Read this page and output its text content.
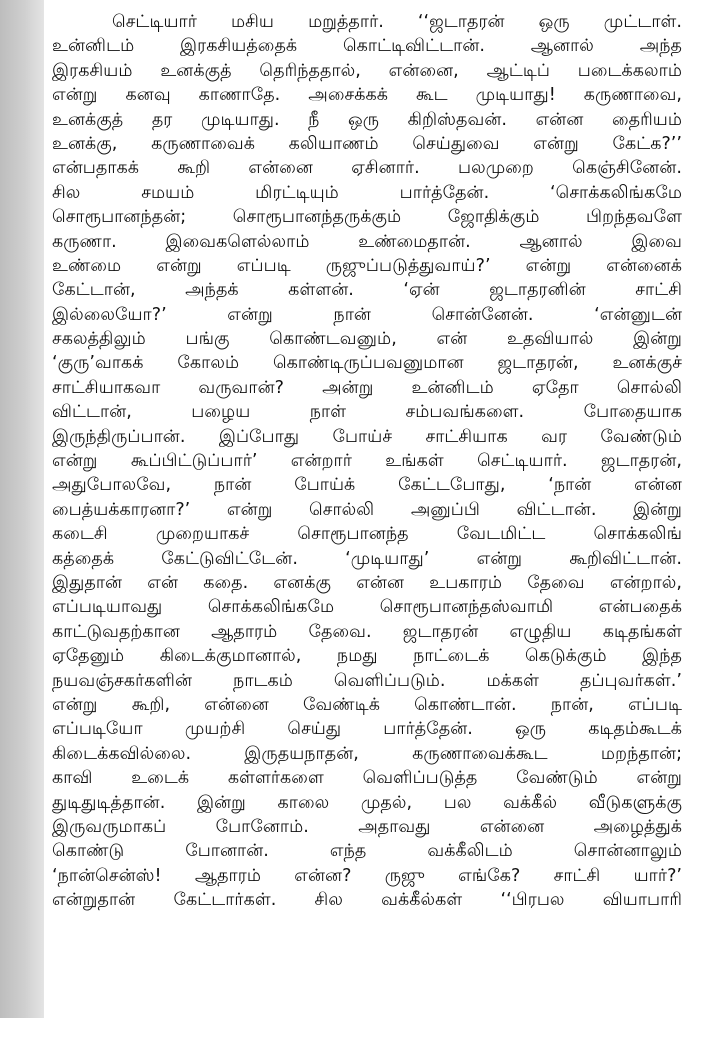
செட்டியார் மசிய மறுத்தார். ‘‘ஜடாதரன் ஒரு முட்டாள்.
உன்னிடம் இரகசியத்தைக் கொட்டிவிட்டான். ஆனால் அந்த
இரகசியம் உனக்குத் தெரிந்ததால், என்னை, ஆட்டிப் படைக்கலாம்
என்று கனவு காணாதே. அசைக்கக் கூட முடியாது! கருணாவை,
உனக்குத் தர முடியாது. நீ ஒரு கிறிஸ்தவன். என்ன தைரியம்
உனக்கு, கருணாவைக் கலியாணம் செய்துவை என்று கேட்க?’’
என்பதாகக் கூறி என்னை ஏசினார். பலமுறை கெஞ்சினேன்.
சில சமயம் மிரட்டியும் பார்த்தேன். ‘சொக்கலிங்கமே
சொரூபானந்தன்; சொரூபானந்தருக்கும் ஜோதிக்கும் பிறந்தவளே
கருணா. இவைகளெல்லாம் உண்மைதான். ஆனால் இவை
உண்மை என்று எப்படி ருஜுப்படுத்துவாய்?’ என்று என்னைக்
கேட்டான், அந்தக் கள்ளன். ‘ஏன் ஜடாதரனின் சாட்சி
இல்லையோ?’ என்று நான் சொன்னேன். ‘என்னுடன்
சகலத்திலும் பங்கு கொண்டவனும், என் உதவியால் இன்று
‘குரு’வாகக் கோலம் கொண்டிருப்பவனுமான ஜடாதரன், உனக்குச்
சாட்சியாகவா வருவான்? அன்று உன்னிடம் ஏதோ சொல்லி
விட்டான், பழைய நாள் சம்பவங்களை. போதையாக
இருந்திருப்பான். இப்போது போய்ச் சாட்சியாக வர வேண்டும்
என்று கூப்பிட்டுப்பார்’ என்றார் உங்கள் செட்டியார். ஜடாதரன்,
அதுபோலவே, நான் போய்க் கேட்டபோது, ‘நான் என்ன
பைத்யக்காரனா?’ என்று சொல்லி அனுப்பி விட்டான். இன்று
கடைசி முறையாகச் சொரூபானந்த வேடமிட்ட சொக்கலிங்
கத்தைக் கேட்டுவிட்டேன். ‘முடியாது’ என்று கூறிவிட்டான்.
இதுதான் என் கதை. எனக்கு என்ன உபகாரம் தேவை என்றால்,
எப்படியாவது சொக்கலிங்கமே சொரூபானந்தஸ்வாமி என்பதைக்
காட்டுவதற்கான ஆதாரம் தேவை. ஜடாதரன் எழுதிய கடிதங்கள்
ஏதேனும் கிடைக்குமானால், நமது நாட்டைக் கெடுக்கும் இந்த
நயவஞ்சகர்களின் நாடகம் வெளிப்படும். மக்கள் தப்புவர்கள்.’
என்று கூறி, என்னை வேண்டிக் கொண்டான். நான், எப்படி
எப்படியோ முயற்சி செய்து பார்த்தேன். ஒரு கடிதம்கூடக்
கிடைக்கவில்லை. இருதயநாதன், கருணாவைக்கூட மறந்தான்;
காவி உடைக் கள்ளர்களை வெளிப்படுத்த வேண்டும் என்று
துடிதுடித்தான். இன்று காலை முதல், பல வக்கீல் வீடுகளுக்கு
இருவருமாகப் போனோம். அதாவது என்னை அழைத்துக்
கொண்டு போனான். எந்த வக்கீலிடம் சொன்னாலும்
‘நான்சென்ஸ்! ஆதாரம் என்ன? ருஜு எங்கே? சாட்சி யார்?’
என்றுதான் கேட்டார்கள். சில வக்கீல்கள் ‘‘பிரபல வியாபாரி
